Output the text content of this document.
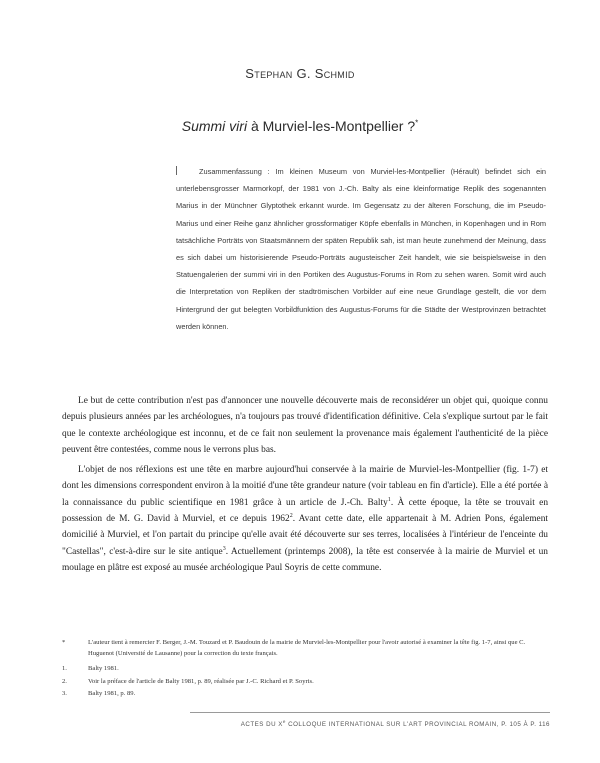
Stephan G. Schmid
Summi viri à Murviel-les-Montpellier ?*
Zusammenfassung : Im kleinen Museum von Murviel-les-Montpellier (Hérault) befindet sich ein unterlebensgrosser Marmorkopf, der 1981 von J.-Ch. Balty als eine kleinformatige Replik des sogenannten Marius in der Münchner Glyptothek erkannt wurde. Im Gegensatz zu der älteren Forschung, die im Pseudo-Marius und einer Reihe ganz ähnlicher grossformatiger Köpfe ebenfalls in München, in Kopenhagen und in Rom tatsächliche Porträts von Staatsmännern der späten Republik sah, ist man heute zunehmend der Meinung, dass es sich dabei um historisierende Pseudo-Porträts augusteischer Zeit handelt, wie sie beispielsweise in den Statuengalerien der summi viri in den Portiken des Augustus-Forums in Rom zu sehen waren. Somit wird auch die Interpretation von Repliken der stadtrömischen Vorbilder auf eine neue Grundlage gestellt, die vor dem Hintergrund der gut belegten Vorbildfunktion des Augustus-Forums für die Städte der Westprovinzen betrachtet werden können.

Le but de cette contribution n'est pas d'annoncer une nouvelle découverte mais de reconsidérer un objet qui, quoique connu depuis plusieurs années par les archéologues, n'a toujours pas trouvé d'identification définitive. Cela s'explique surtout par le fait que le contexte archéologique est inconnu, et de ce fait non seulement la provenance mais également l'authenticité de la pièce peuvent être contestées, comme nous le verrons plus bas.

L'objet de nos réflexions est une tête en marbre aujourd'hui conservée à la mairie de Murviel-les-Montpellier (fig. 1-7) et dont les dimensions correspondent environ à la moitié d'une tête grandeur nature (voir tableau en fin d'article). Elle a été portée à la connaissance du public scientifique en 1981 grâce à un article de J.-Ch. Balty$^1$. À cette époque, la tête se trouvait en possession de M. G. David à Murviel, et ce depuis 1962$^2$. Avant cette date, elle appartenait à M. Adrien Pons, également domicilié à Murviel, et l'on partait du principe qu'elle avait été découverte sur ses terres, localisées à l'intérieur de l'enceinte du "Castellas", c'est-à-dire sur le site antique$^3$. Actuellement (printemps 2008), la tête est conservée à la mairie de Murviel et un moulage en plâtre est exposé au musée archéologique Paul Soyris de cette commune.

*	L'auteur tient à remercier F. Berger, J.-M. Touzard et P. Baudouin de la mairie de Murviel-les-Montpellier pour l'avoir autorisé à examiner la tête fig. 1-7, ainsi que C. Huguenot (Université de Lausanne) pour la correction du texte français.
1.	Balty 1981.
2.	Voir la préface de l'article de Balty 1981, p. 89, réalisée par J.-C. Richard et P. Soyris.
3.	Balty 1981, p. 89.
ACTES DU Xe COLLOQUE INTERNATIONAL SUR L'ART PROVINCIAL ROMAIN, P. 105 À P. 116
